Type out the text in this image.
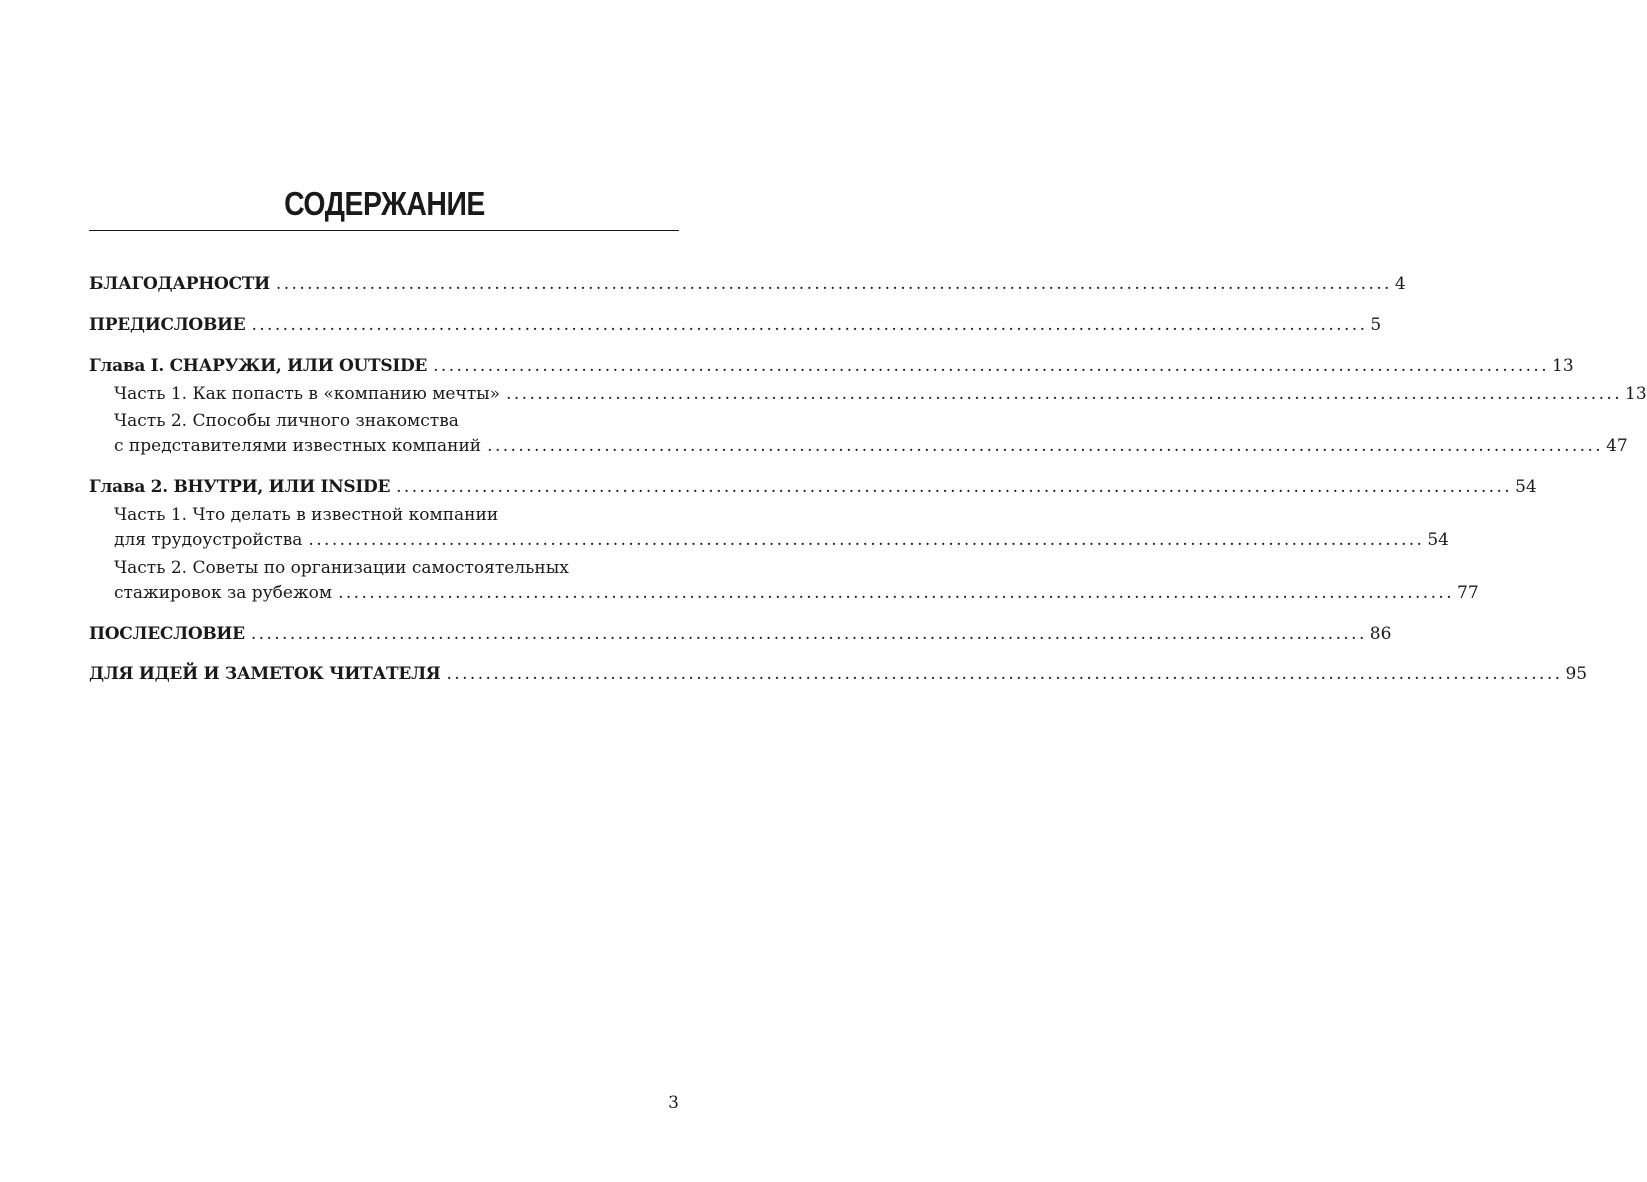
СОДЕРЖАНИЕ
БЛАГОДАРНОСТИ ............................................................................................................................................... 4
ПРЕДИСЛОВИЕ ............................................................................................................................................... 5
Глава I. СНАРУЖИ, ИЛИ OUTSIDE ............................................................................................................................................... 13
Часть 1. Как попасть в «компанию мечты» ............................................................................................................................................... 13
Часть 2. Способы личного знакомства
с представителями известных компаний ............................................................................................................................................... 47
Глава 2. ВНУТРИ, ИЛИ INSIDE ............................................................................................................................................... 54
Часть 1. Что делать в известной компании
для трудоустройства ............................................................................................................................................... 54
Часть 2. Советы по организации самостоятельных
стажировок за рубежом ............................................................................................................................................... 77
ПОСЛЕСЛОВИЕ ............................................................................................................................................... 86
ДЛЯ ИДЕЙ И ЗАМЕТОК ЧИТАТЕЛЯ ............................................................................................................................................... 95
3
